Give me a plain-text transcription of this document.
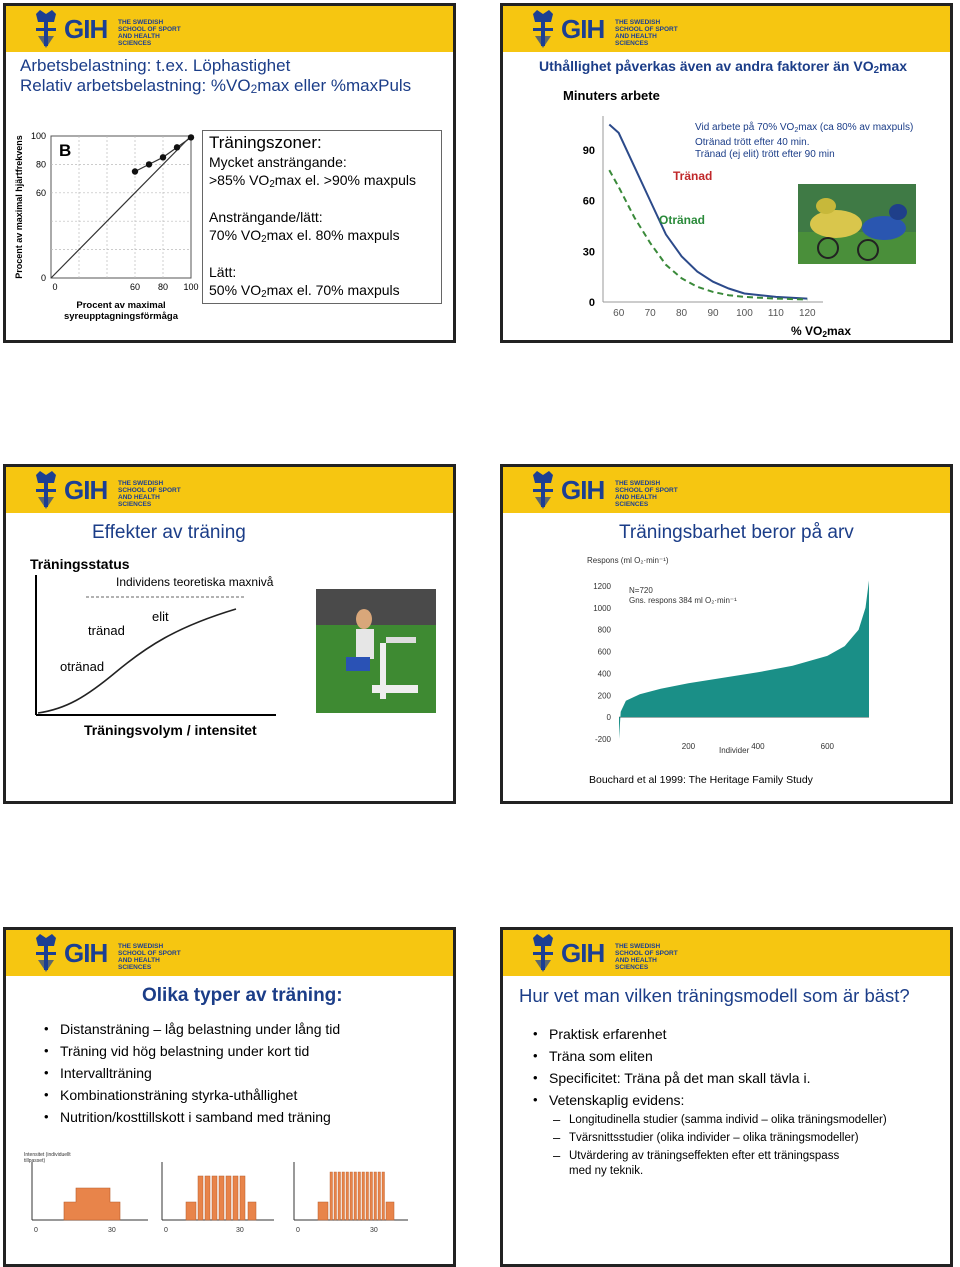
GIH THE SWEDISH
SCHOOL OF SPORT
AND HEALTH SCIENCES
Arbetsbelastning: t.ex. Löphastighet
Relativ arbetsbelastning: $\%VO_2\max$ eller %maxPuls
Procent av maximal hjärtfrekvens B
100
80
60
0
0	60 80 100
Procent av maximal
syreupptagningsförmåga
Träningszoner:
Mycket ansträngande:
>85% $VO_2\max$ el. >90% maxpuls
Ansträngande/lätt:
70% $VO_2\max$ el. 80% maxpuls
Lätt:
50% $VO_2\max$ el. 70% maxpuls
GIH THE SWEDISH
SCHOOL OF SPORT
AND HEALTH SCIENCES
Uthållighet påverkas även av andra faktorer än $VO_2\max$
Minuters arbete
Vid arbete på 70% $VO_2\max$ (ca 80% av maxpuls)
Otränad trött efter 40 min.
Tränad (ej elit) trött efter 90 min
90
60
30
0
60 70 80 90 100 110 120
Otränad
Tränad
% $VO_2\max$
GIH THE SWEDISH
SCHOOL OF SPORT
AND HEALTH SCIENCES
Effekter av träning
Träningsstatus
Individens teoretiska maxnivå
elit
tränad
otränad
Träningsvolym / intensitet
GIH THE SWEDISH
SCHOOL OF SPORT
AND HEALTH SCIENCES
Träningsbarhet beror på arv
Respons (ml O₂·min⁻¹)
N=720
Gns. respons 384 ml O₂·min⁻¹
1200
1000
800
600
400
200
0
-200
200	400	600
Individer
Bouchard et al 1999: The Heritage Family Study
GIH THE SWEDISH
SCHOOL OF SPORT
AND HEALTH SCIENCES
Olika typer av träning:
• Distansträning – låg belastning under lång tid
• Träning vid hög belastning under kort tid
• Intervallträning
• Kombinationsträning styrka-uthållighet
• Nutrition/kosttillskott i samband med träning
Intensitet (individuellt tillpasset)
0	30	0	30	0	30
GIH THE SWEDISH
SCHOOL OF SPORT
AND HEALTH SCIENCES
Hur vet man vilken träningsmodell som är bäst?
• Praktisk erfarenhet
• Träna som eliten
• Specificitet: Träna på det man skall tävla i.
• Vetenskaplig evidens:
– Longitudinella studier (samma individ – olika träningsmodeller)
– Tvärsnittsstudier (olika individer – olika träningsmodeller)
– Utvärdering av träningseffekten efter ett träningspass
med ny teknik.
